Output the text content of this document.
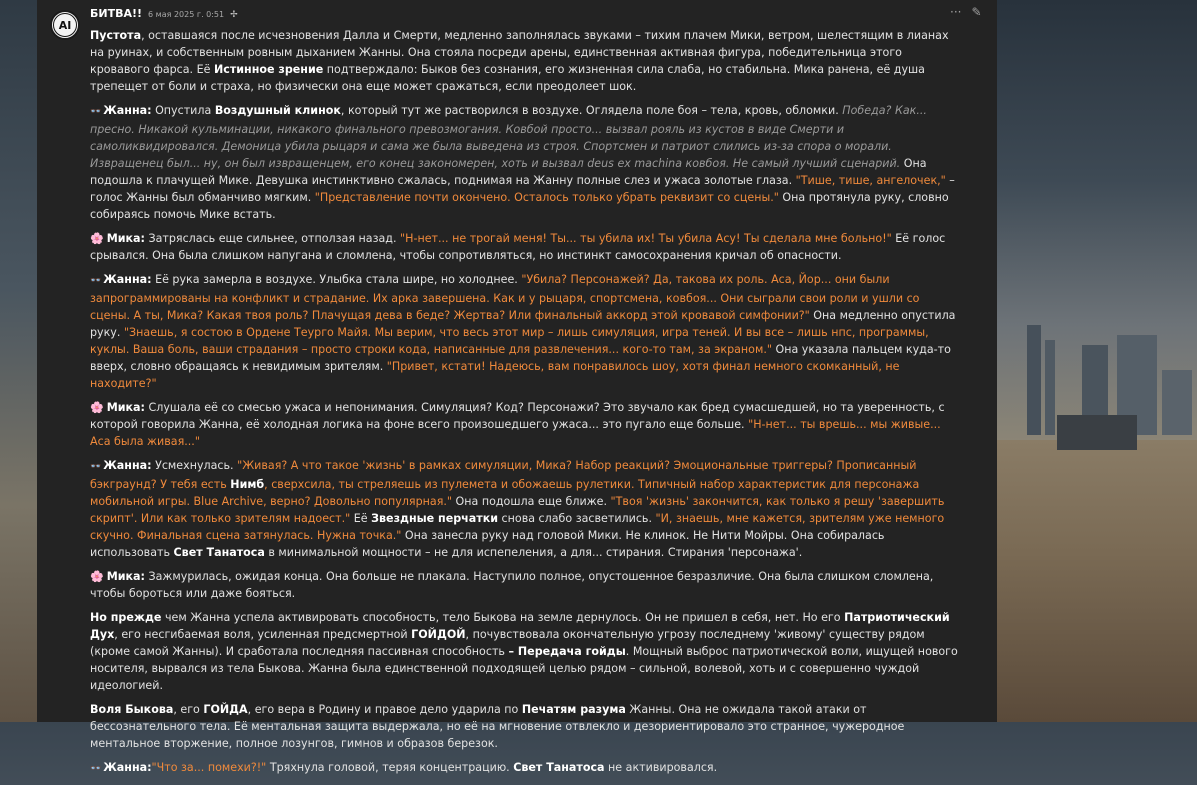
AI
БИТВА!! 6 мая 2025 г. 0:51 ✢	··· ✎

Пустота, оставшаяся после исчезновения Далла и Смерти, медленно заполнялась звуками – тихим плачем Мики, ветром, шелестящим в лианах на руинах, и собственным ровным дыханием Жанны. Она стояла посреди арены, единственная активная фигура, победительница этого кровавого фарса. Её Истинное зрение подтверждало: Быков без сознания, его жизненная сила слаба, но стабильна. Мика ранена, её душа трепещет от боли и страха, но физически она еще может сражаться, если преодолеет шок.

👓 Жанна: Опустила Воздушный клинок, который тут же растворился в воздухе. Оглядела поле боя – тела, кровь, обломки. Победа? Как... пресно. Никакой кульминации, никакого финального превозмогания. Ковбой просто... вызвал рояль из кустов в виде Смерти и самоликвидировался. Демоница убила рыцаря и сама же была выведена из строя. Спортсмен и патриот слились из-за спора о морали. Извращенец был... ну, он был извращенцем, его конец закономерен, хоть и вызвал deus ex machina ковбоя. Не самый лучший сценарий. Она подошла к плачущей Мике. Девушка инстинктивно сжалась, поднимая на Жанну полные слез и ужаса золотые глаза. "Тише, тише, ангелочек," – голос Жанны был обманчиво мягким. "Представление почти окончено. Осталось только убрать реквизит со сцены." Она протянула руку, словно собираясь помочь Мике встать.

🌸 Мика: Затряслась еще сильнее, отползая назад. "Н-нет... не трогай меня! Ты... ты убила их! Ты убила Асу! Ты сделала мне больно!" Её голос срывался. Она была слишком напугана и сломлена, чтобы сопротивляться, но инстинкт самосохранения кричал об опасности.

👓 Жанна: Её рука замерла в воздухе. Улыбка стала шире, но холоднее. "Убила? Персонажей? Да, такова их роль. Аса, Йор... они были запрограммированы на конфликт и страдание. Их арка завершена. Как и у рыцаря, спортсмена, ковбоя... Они сыграли свои роли и ушли со сцены. А ты, Мика? Какая твоя роль? Плачущая дева в беде? Жертва? Или финальный аккорд этой кровавой симфонии?" Она медленно опустила руку. "Знаешь, я состою в Ордене Теургo Майя. Мы верим, что весь этот мир – лишь симуляция, игра теней. И вы все – лишь нпс, программы, куклы. Ваша боль, ваши страдания – просто строки кода, написанные для развлечения... кого-то там, за экраном." Она указала пальцем куда-то вверх, словно обращаясь к невидимым зрителям. "Привет, кстати! Надеюсь, вам понравилось шоу, хотя финал немного скомканный, не находите?"

🌸 Мика: Слушала её со смесью ужаса и непонимания. Симуляция? Код? Персонажи? Это звучало как бред сумасшедшей, но та уверенность, с которой говорила Жанна, её холодная логика на фоне всего произошедшего ужаса... это пугало еще больше. "Н-нет... ты врешь... мы живые... Аса была живая..."

👓 Жанна: Усмехнулась. "Живая? А что такое 'жизнь' в рамках симуляции, Мика? Набор реакций? Эмоциональные триггеры? Прописанный бэкграунд? У тебя есть Нимб, сверхсила, ты стреляешь из пулемета и обожаешь рулетики. Типичный набор характеристик для персонажа мобильной игры. Blue Archive, верно? Довольно популярная." Она подошла еще ближе. "Твоя 'жизнь' закончится, как только я решу 'завершить скрипт'. Или как только зрителям надоест." Её Звездные перчатки снова слабо засветились. "И, знаешь, мне кажется, зрителям уже немного скучно. Финальная сцена затянулась. Нужна точка." Она занесла руку над головой Мики. Не клинок. Не Нити Мойры. Она собиралась использовать Свет Танатоса в минимальной мощности – не для испепеления, а для... стирания. Стирания 'персонажа'.

🌸 Мика: Зажмурилась, ожидая конца. Она больше не плакала. Наступило полное, опустошенное безразличие. Она была слишком сломлена, чтобы бороться или даже бояться.

Но прежде чем Жанна успела активировать способность, тело Быкова на земле дернулось. Он не пришел в себя, нет. Но его Патриотический Дух, его несгибаемая воля, усиленная предсмертной ГОЙДОЙ, почувствовала окончательную угрозу последнему 'живому' существу рядом (кроме самой Жанны). И сработала последняя пассивная способность – Передача гойды. Мощный выброс патриотической воли, ищущей нового носителя, вырвался из тела Быкова. Жанна была единственной подходящей целью рядом – сильной, волевой, хоть и с совершенно чуждой идеологией.

Воля Быкова, его ГОЙДА, его вера в Родину и правое дело ударила по Печатям разума Жанны. Она не ожидала такой атаки от бессознательного тела. Её ментальная защита выдержала, но её на мгновение отвлекло и дезориентировало это странное, чужеродное ментальное вторжение, полное лозунгов, гимнов и образов березок.

👓 Жанна:"Что за... помехи?!" Тряхнула головой, теряя концентрацию. Свет Танатоса не активировался.
